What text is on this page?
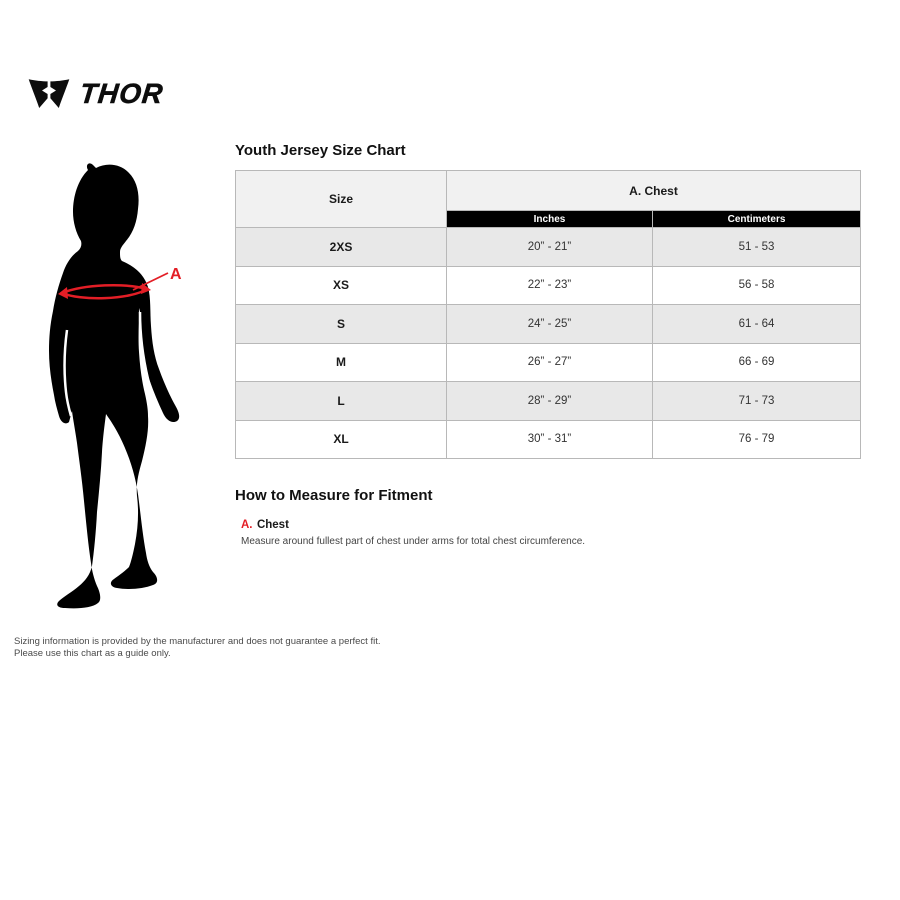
THOR
A
Youth Jersey Size Chart
Size	A. Chest	
	Inches	Centimeters
2XS	20” - 21”	51 - 53
XS	22” - 23”	56 - 58
S	24” - 25”	61 - 64
M	26” - 27”	66 - 69
L	28” - 29”	71 - 73
XL	30” - 31”	76 - 79
How to Measure for Fitment
A. Chest
Measure around fullest part of chest under arms for total chest circumference.
Sizing information is provided by the manufacturer and does not guarantee a perfect fit.
Please use this chart as a guide only.
